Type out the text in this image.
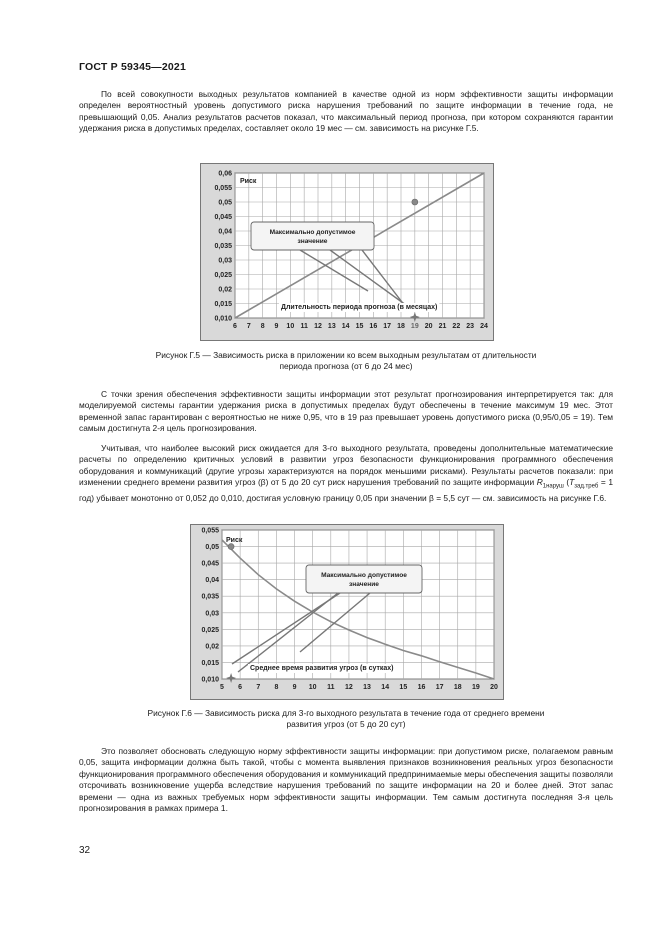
ГОСТ Р 59345—2021

По всей совокупности выходных результатов компанией в качестве одной из норм эффективности защиты информации определен вероятностный уровень допустимого риска нарушения требований по защите информации в течение года, не превышающий 0,05. Анализ результатов расчетов показал, что максимальный период прогноза, при котором сохраняются гарантии удержания риска в допустимых пределах, составляет около 19 мес — см. зависимость на рисунке Г.5.

0,010
0,015
0,02
0,025
0,03
0,035
0,04
0,045
0,05
0,055
0,06
6 7 8 9 10 11 12 13 14 15 16 17 18 19 20 21 22 23 24
Максимально допустимое
значение
Риск
Длительность периода прогноза (в месяцах)
Рисунок Г.5 — Зависимость риска в приложении ко всем выходным результатам от длительности
периода прогноза (от 6 до 24 мес)

С точки зрения обеспечения эффективности защиты информации этот результат прогнозирования интерпретируется так: для моделируемой системы гарантии удержания риска в допустимых пределах будут обеспечены в течение максимум 19 мес. Этот временной запас гарантирован с вероятностью не ниже 0,95, что в 19 раз превышает уровень допустимого риска (0,95/0,05 = 19). Тем самым достигнута 2-я цель прогнозирования.

Учитывая, что наиболее высокий риск ожидается для 3-го выходного результата, проведены дополнительные математические расчеты по определению критичных условий в развитии угроз безопасности функционирования программного обеспечения оборудования и коммуникаций (другие угрозы характеризуются на порядок меньшими рисками). Результаты расчетов показали: при изменении среднего времени развития угроз (β) от 5 до 20 сут риск нарушения требований по защите информации $R_{1наруш}$ ($T_{зад.треб} = 1$ год) убывает монотонно от 0,052 до 0,010, достигая условную границу 0,05 при значении β = 5,5 сут — см. зависимость на рисунке Г.6.

0,010
0,015
0,02
0,025
0,03
0,035
0,04
0,045
0,05
0,055
5 6 7 8 9 10 11 12 13 14 15 16 17 18 19 20
Максимально допустимое
значение
Риск
Среднее время развития угроз (в сутках)
Рисунок Г.6 — Зависимость риска для 3-го выходного результата в течение года от среднего времени
развития угроз (от 5 до 20 сут)

Это позволяет обосновать следующую норму эффективности защиты информации: при допустимом риске, полагаемом равным 0,05, защита информации должна быть такой, чтобы с момента выявления признаков возникновения реальных угроз безопасности функционирования программного обеспечения оборудования и коммуникаций предпринимаемые меры обеспечения защиты позволяли отсрочивать возникновение ущерба вследствие нарушения требований по защите информации на 20 и более дней. Этот запас времени — одна из важных требуемых норм эффективности защиты информации. Тем самым достигнута последняя 3-я цель прогнозирования в рамках примера 1.

32
